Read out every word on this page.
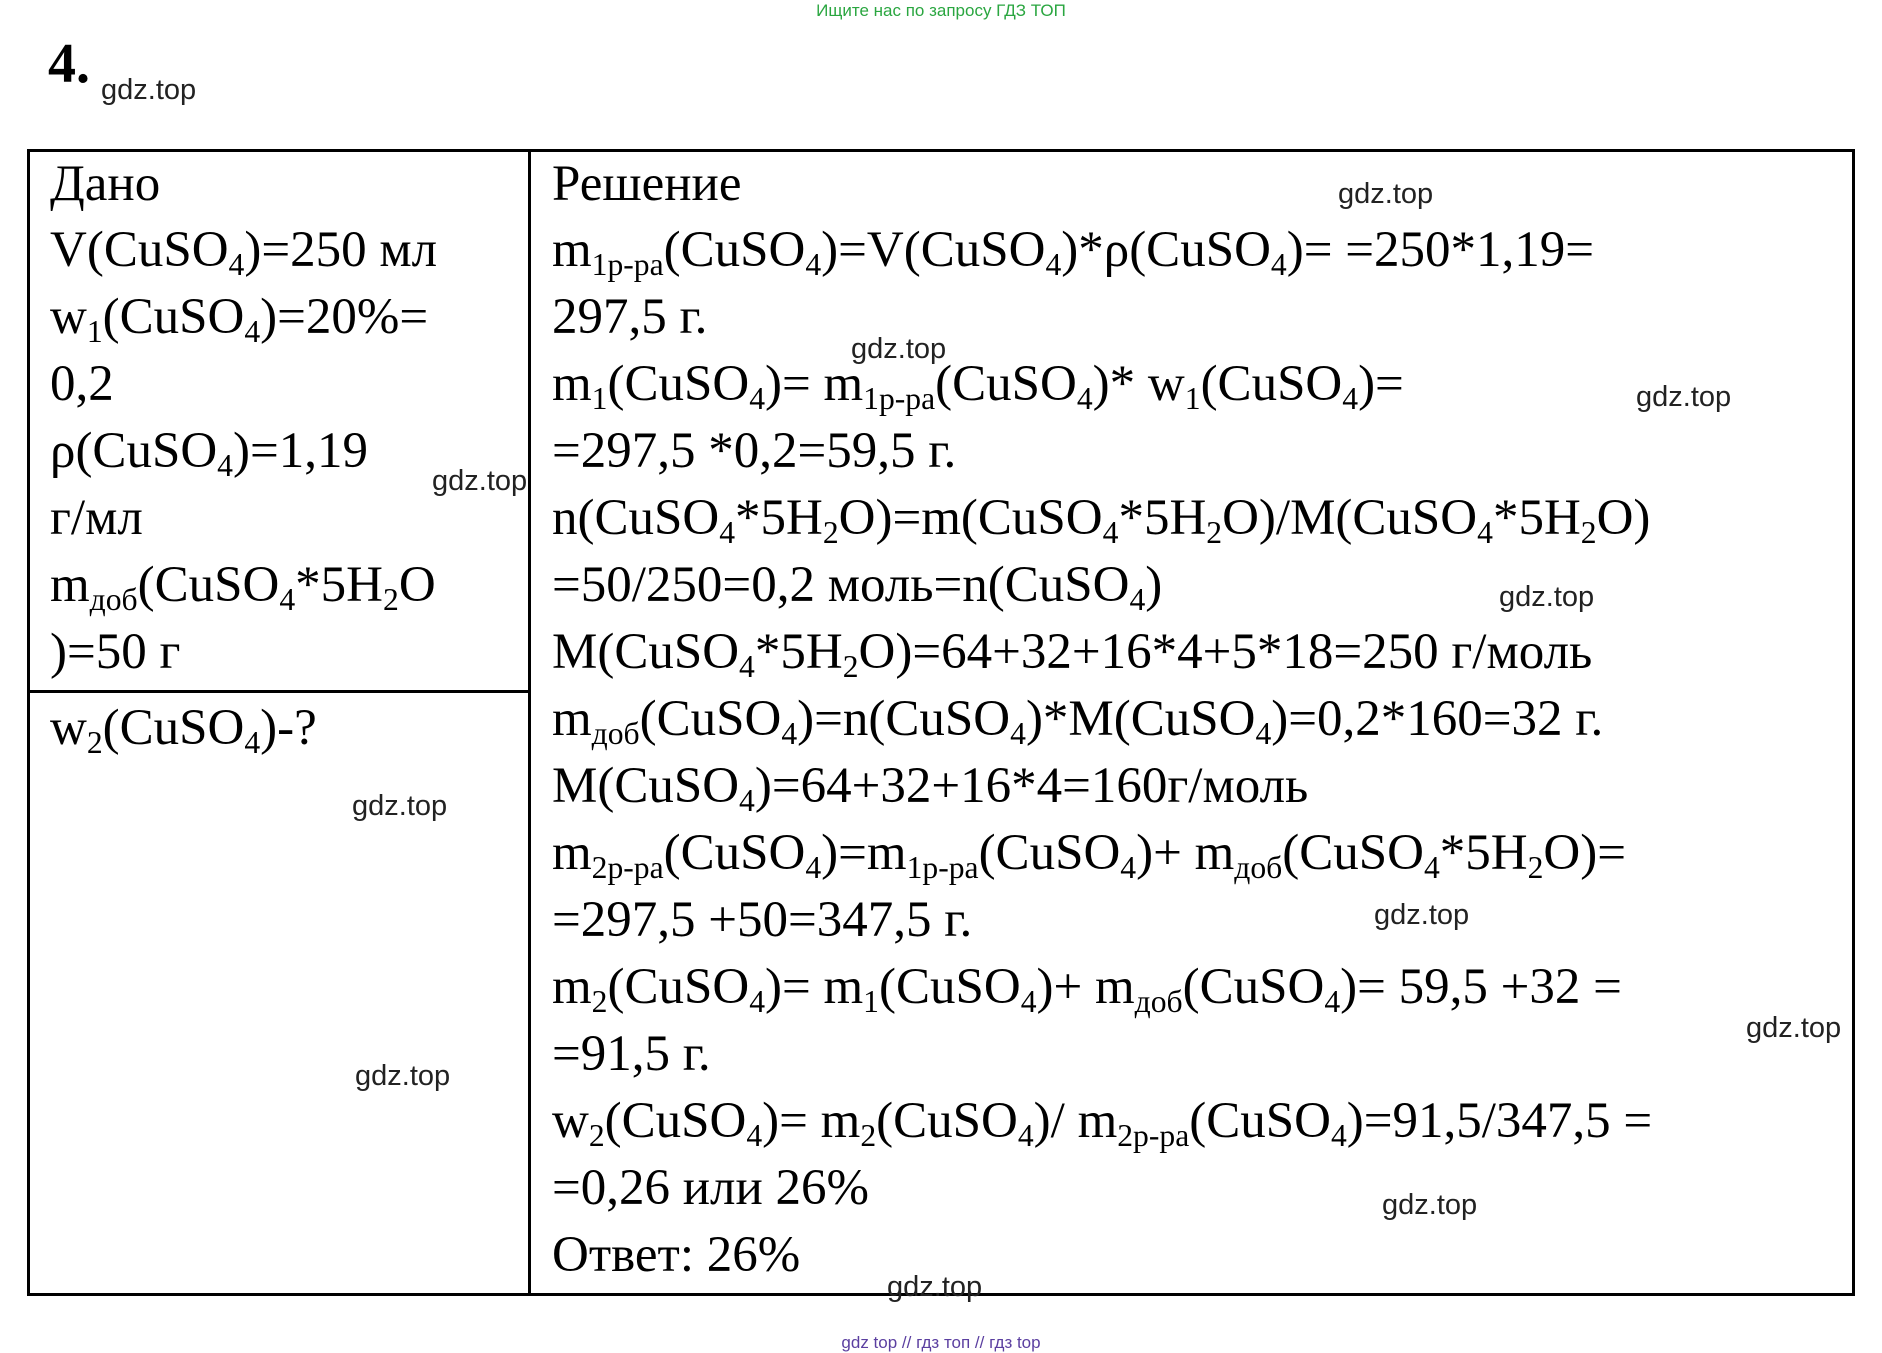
Ищите нас по запросу ГДЗ ТОП
4.
Дано
V(CuSO$_4$)=250 мл
$w_1(CuSO_4)=20\%=$
0,2
ρ(CuSO$_4$)=1,19
г/мл
$m_{доб}(CuSO_4*5H_2O$
)=50 г
$w_2(CuSO_4)-$?
Решение
$m_{1р-ра}(CuSO_4)=V(CuSO_4)*\rho(CuSO_4)= =250*1,19=$
297,5 г.
$m_1(CuSO_4)=$ $m_{1р-ра}(CuSO_4)*$ $w_1(CuSO_4)=$
=297,5 *0,2=59,5 г.
$n(CuSO_4*5H_2O)=m(CuSO_4*5H_2O)/M(CuSO_4*5H_2O)$
=50/250=0,2 моль=n(CuSO$_4$)
$M(CuSO_4*5H_2O)=64+32+16*4+5*18=250$ г/моль
$m_{доб}(CuSO_4)=n(CuSO_4)*M(CuSO_4)=0,2*160=32$ г.
M(CuSO$_4$)=64+32+16*4=160г/моль
$m_{2р-ра}(CuSO_4)=m_{1р-ра}(CuSO_4)+$ $m_{доб}(CuSO_4*5H_2O)=$
=297,5 +50=347,5 г.
$m_2(CuSO_4)=$ $m_1(CuSO_4)+$ $m_{доб}(CuSO_4)= 59,5 +32$ =
=91,5 г.
$w_2(CuSO_4)=$ $m_2(CuSO_4)/$ $m_{2р-ра}(CuSO_4)=91,5/347,5$ =
=0,26 или 26%
Ответ: 26%
gdz.top
gdz.top
gdz.top
gdz.top
gdz.top
gdz.top
gdz.top
gdz.top
gdz.top
gdz.top
gdz.top
gdz.top
gdz top // гдз топ // гдз top
